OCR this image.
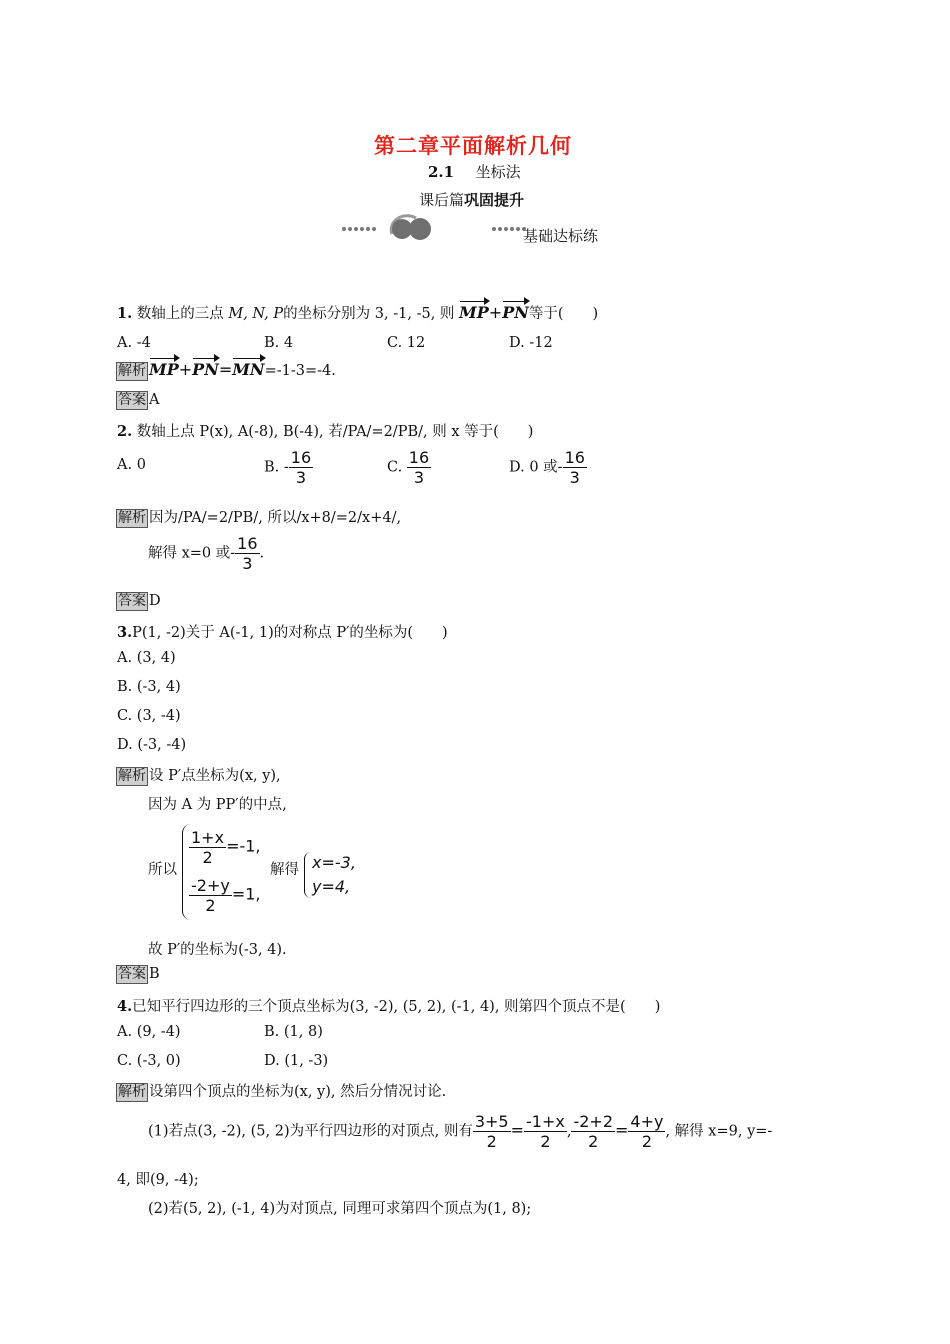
第二章平面解析几何
2.1 坐标法
课后篇巩固提升
基础达标练
1. 数轴上的三点 M, N, P的坐标分别为 3, -1, -5, 则 MP+PN等于(　　)
A. -4	B. 4	C. 12	D. -12
解析 MP+PN=MN=-1-3=-4.
答案 A
2. 数轴上点 P(x), A(-8), B(-4), 若/PA/=2/PB/, 则 x 等于(　　)
A. 0	B. - $\frac{16}{3}$	C. $\frac{16}{3}$	D. 0 或- $\frac{16}{3}$
解析 因为/PA/=2/PB/, 所以/x+8/=2/x+4/,
解得 x=0 或- $\frac{16}{3}$ .
答案 D
3.P(1, -2)关于 A(-1, 1)的对称点 P′的坐标为(　　)
A. (3, 4)
B. (-3, 4)
C. (3, -4)
D. (-3, -4)
解析 设 P′点坐标为(x, y),
因为 A 为 PP′的中点,
所以
$\frac{1+x}{2} =-1$,
$\frac{-2+y}{2} =1$,
解得 x=-3,
y=4,
故 P′的坐标为(-3, 4).
答案 B
4.已知平行四边形的三个顶点坐标为(3, -2), (5, 2), (-1, 4), 则第四个顶点不是(　　)
A. (9, -4)	B. (1, 8)
C. (-3, 0)	D. (1, -3)
解析 设第四个顶点的坐标为(x, y), 然后分情况讨论.
(1)若点(3, -2), (5, 2)为平行四边形的对顶点, 则有 $\frac{3+5}{2} = \frac{-1+x}{2}$ , $\frac{-2+2}{2} = \frac{4+y}{2}$ , 解得 x=9, y=-
4, 即(9, -4);
(2)若(5, 2), (-1, 4)为对顶点, 同理可求第四个顶点为(1, 8);
